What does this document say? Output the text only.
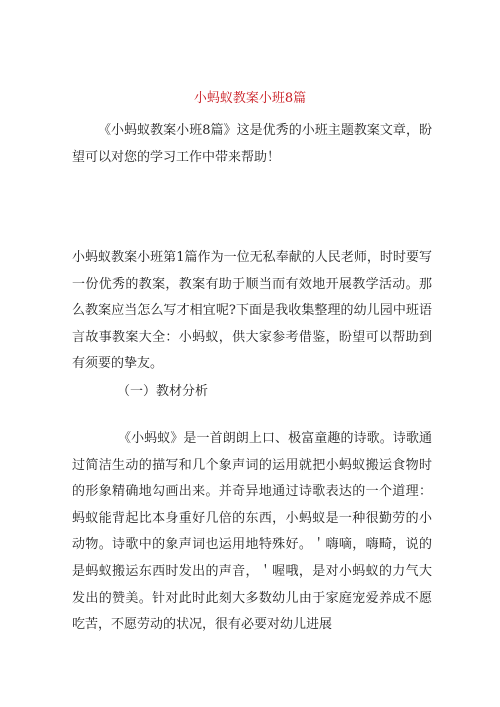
小蚂蚁教案小班8篇

《小蚂蚁教案小班8篇》这是优秀的小班主题教案文章，盼望可以对您的学习工作中带来帮助！

小蚂蚁教案小班第1篇作为一位无私奉献的人民老师，时时要写一份优秀的教案，教案有助于顺当而有效地开展教学活动。那么教案应当怎么写才相宜呢?下面是我收集整理的幼儿园中班语言故事教案大全：小蚂蚁，供大家参考借鉴，盼望可以帮助到有须要的挚友。

（一）教材分析

《小蚂蚁》是一首朗朗上口、极富童趣的诗歌。诗歌通过简洁生动的描写和几个象声词的运用就把小蚂蚁搬运食物时的形象精确地勾画出来。并奇异地通过诗歌表达的一个道理：蚂蚁能背起比本身重好几倍的东西，小蚂蚁是一种很勤劳的小动物。诗歌中的象声词也运用地特殊好。＇嗨嘀，嗨畸，说的是蚂蚁搬运东西时发出的声音，＇喔哦，是对小蚂蚁的力气大发出的赞美。针对此时此刻大多数幼儿由于家庭宠爱养成不愿吃苦，不愿劳动的状况，很有必要对幼儿进展
